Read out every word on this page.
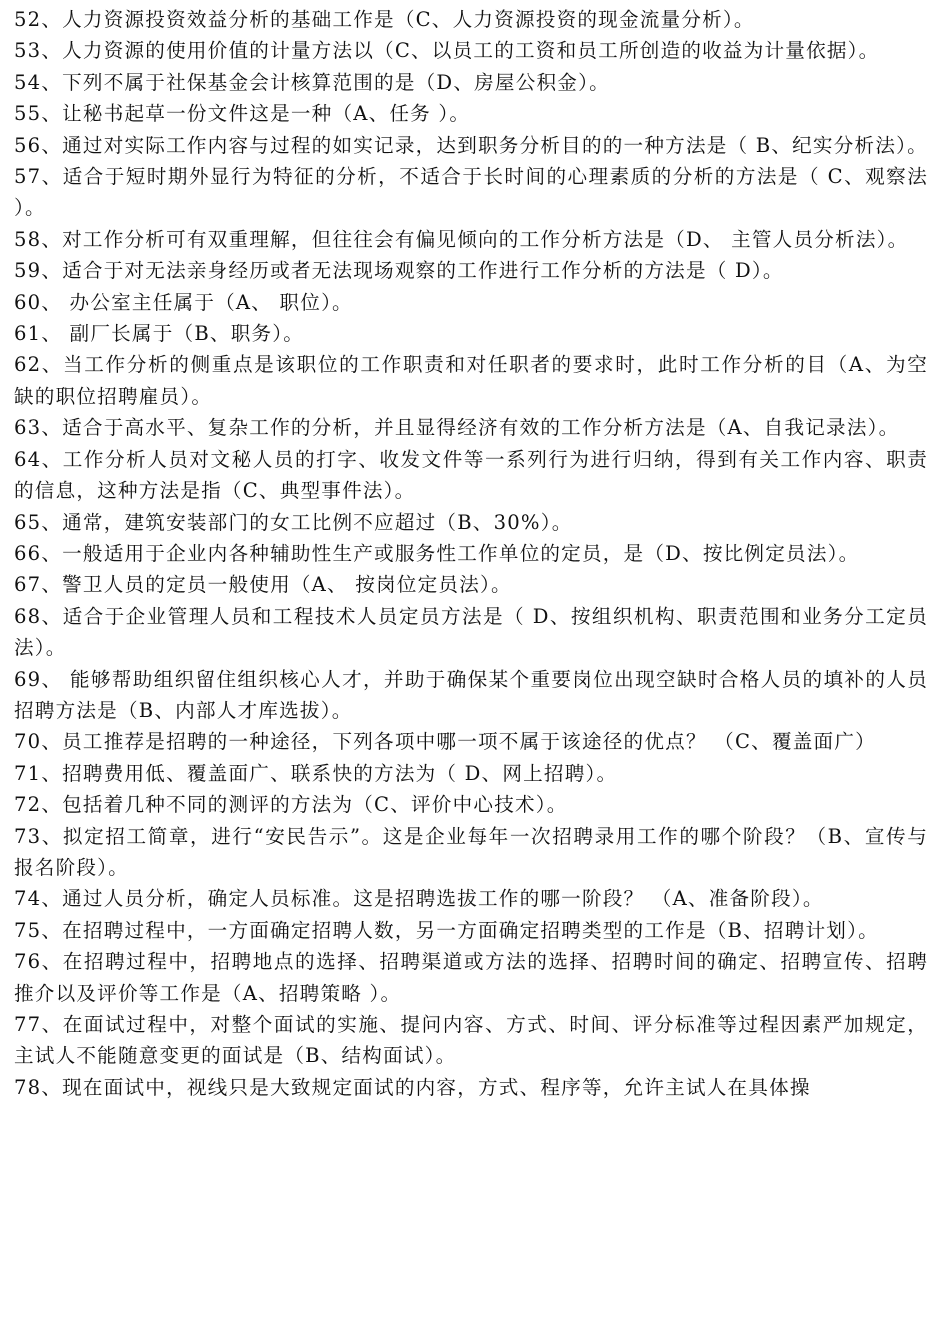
52、人力资源投资效益分析的基础工作是（C、人力资源投资的现金流量分析）。

53、人力资源的使用价值的计量方法以（C、以员工的工资和员工所创造的收益为计量依据）。

54、下列不属于社保基金会计核算范围的是（D、房屋公积金）。

55、让秘书起草一份文件这是一种（A、任务 ）。

56、通过对实际工作内容与过程的如实记录，达到职务分析目的的一种方法是（ B、纪实分析法）。

57、适合于短时期外显行为特征的分析，不适合于长时间的心理素质的分析的方法是（ C、观察法 ）。

58、对工作分析可有双重理解，但往往会有偏见倾向的工作分析方法是（D、 主管人员分析法）。

59、适合于对无法亲身经历或者无法现场观察的工作进行工作分析的方法是（ D）。

60、 办公室主任属于（A、 职位）。

61、 副厂长属于（B、职务）。

62、当工作分析的侧重点是该职位的工作职责和对任职者的要求时，此时工作分析的目（A、为空缺的职位招聘雇员）。

63、适合于高水平、复杂工作的分析，并且显得经济有效的工作分析方法是（A、自我记录法）。

64、工作分析人员对文秘人员的打字、收发文件等一系列行为进行归纳，得到有关工作内容、职责的信息，这种方法是指（C、典型事件法）。

65、通常，建筑安装部门的女工比例不应超过（B、30%）。

66、一般适用于企业内各种辅助性生产或服务性工作单位的定员，是（D、按比例定员法）。

67、警卫人员的定员一般使用（A、 按岗位定员法）。

68、适合于企业管理人员和工程技术人员定员方法是（ D、按组织机构、职责范围和业务分工定员法）。

69、 能够帮助组织留住组织核心人才，并助于确保某个重要岗位出现空缺时合格人员的填补的人员招聘方法是（B、内部人才库选拔）。

70、员工推荐是招聘的一种途径，下列各项中哪一项不属于该途径的优点？ （C、覆盖面广）

71、招聘费用低、覆盖面广、联系快的方法为（ D、网上招聘）。

72、包括着几种不同的测评的方法为（C、评价中心技术）。

73、拟定招工简章，进行“安民告示”。这是企业每年一次招聘录用工作的哪个阶段？（B、宣传与报名阶段）。

74、通过人员分析，确定人员标准。这是招聘选拔工作的哪一阶段？ （A、准备阶段）。

75、在招聘过程中，一方面确定招聘人数，另一方面确定招聘类型的工作是（B、招聘计划）。

76、在招聘过程中，招聘地点的选择、招聘渠道或方法的选择、招聘时间的确定、招聘宣传、招聘推介以及评价等工作是（A、招聘策略 ）。

77、在面试过程中，对整个面试的实施、提问内容、方式、时间、评分标准等过程因素严加规定，主试人不能随意变更的面试是（B、结构面试）。

78、现在面试中，视线只是大致规定面试的内容，方式、程序等，允许主试人在具体操
